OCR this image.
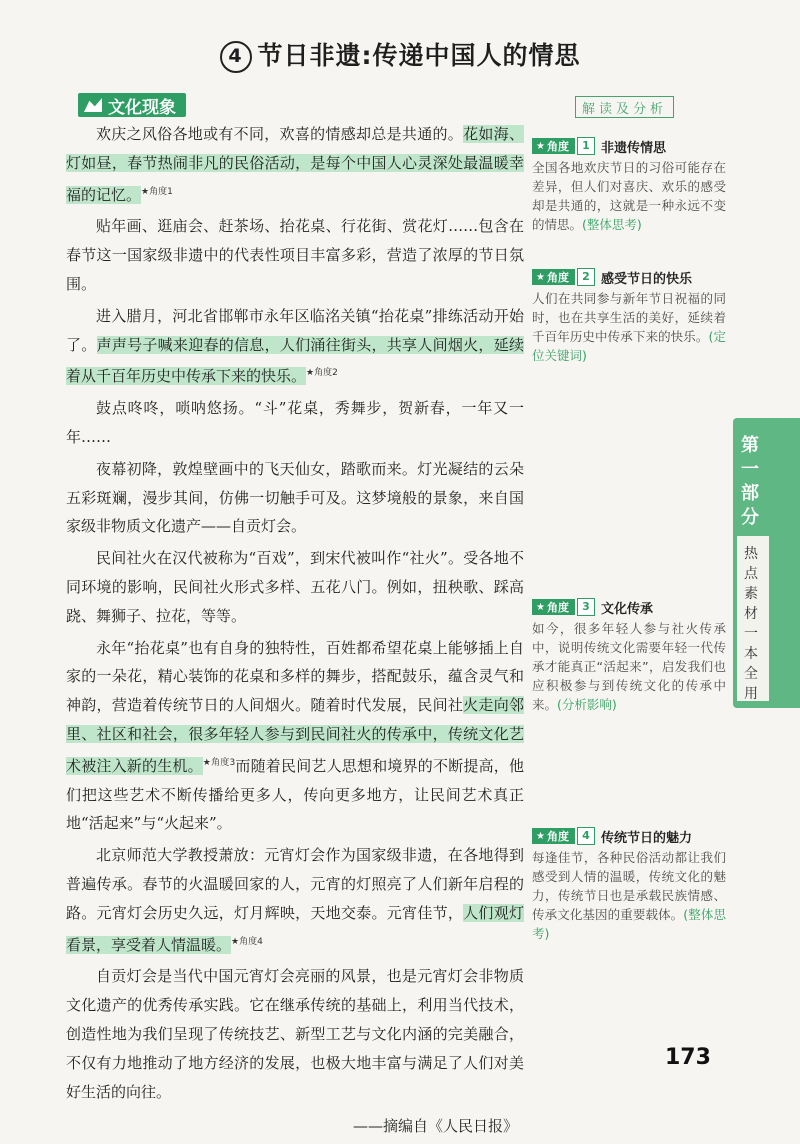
4 节日非遗:传递中国人的情思
文化现象	解读及分析

欢庆之风俗各地或有不同，欢喜的情感却总是共通的。花如海、灯如昼，春节热闹非凡的民俗活动，是每个中国人心灵深处最温暖幸福的记忆。$^{★角度1}$

贴年画、逛庙会、赶茶场、抬花桌、行花街、赏花灯……包含在春节这一国家级非遗中的代表性项目丰富多彩，营造了浓厚的节日氛围。

进入腊月，河北省邯郸市永年区临洺关镇“抬花桌”排练活动开始了。声声号子喊来迎春的信息，人们涌往街头，共享人间烟火，延续着从千百年历史中传承下来的快乐。$^{★角度2}$

鼓点咚咚，唢呐悠扬。“斗”花桌，秀舞步，贺新春，一年又一年……

夜幕初降，敦煌壁画中的飞天仙女，踏歌而来。灯光凝结的云朵五彩斑斓，漫步其间，仿佛一切触手可及。这梦境般的景象，来自国家级非物质文化遗产——自贡灯会。

民间社火在汉代被称为“百戏”，到宋代被叫作“社火”。受各地不同环境的影响，民间社火形式多样、五花八门。例如，扭秧歌、踩高跷、舞狮子、拉花，等等。

永年“抬花桌”也有自身的独特性，百姓都希望花桌上能够插上自家的一朵花，精心装饰的花桌和多样的舞步，搭配鼓乐，蕴含灵气和神韵，营造着传统节日的人间烟火。随着时代发展，民间社火走向邻里、社区和社会，很多年轻人参与到民间社火的传承中，传统文化艺术被注入新的生机。$^{★角度3}$而随着民间艺人思想和境界的不断提高，他们把这些艺术不断传播给更多人，传向更多地方，让民间艺术真正地“活起来”与“火起来”。

北京师范大学教授萧放：元宵灯会作为国家级非遗，在各地得到普遍传承。春节的火温暖回家的人，元宵的灯照亮了人们新年启程的路。元宵灯会历史久远，灯月辉映，天地交泰。元宵佳节，人们观灯看景，享受着人情温暖。$^{★角度4}$

自贡灯会是当代中国元宵灯会亮丽的风景，也是元宵灯会非物质文化遗产的优秀传承实践。它在继承传统的基础上，利用当代技术，创造性地为我们呈现了传统技艺、新型工艺与文化内涵的完美融合，不仅有力地推动了地方经济的发展，也极大地丰富与满足了人们对美好生活的向往。

——摘编自《人民日报》

★ 角度	1 非遗传情思
全国各地欢庆节日的习俗可能存在差异，但人们对喜庆、欢乐的感受却是共通的，这就是一种永远不变的情思。(整体思考)
★ 角度	2 感受节日的快乐
人们在共同参与新年节日祝福的同时，也在共享生活的美好，延续着千百年历史中传承下来的快乐。(定位关键词)
★ 角度	3 文化传承
如今，很多年轻人参与社火传承中，说明传统文化需要年轻一代传承才能真正“活起来”，启发我们也应积极参与到传统文化的传承中来。(分析影响)
★ 角度	4 传统节日的魅力
每逢佳节，各种民俗活动都让我们感受到人情的温暖，传统文化的魅力，传统节日也是承载民族情感、传承文化基因的重要载体。(整体思考)
第一部分
热点素材一本全用
173
